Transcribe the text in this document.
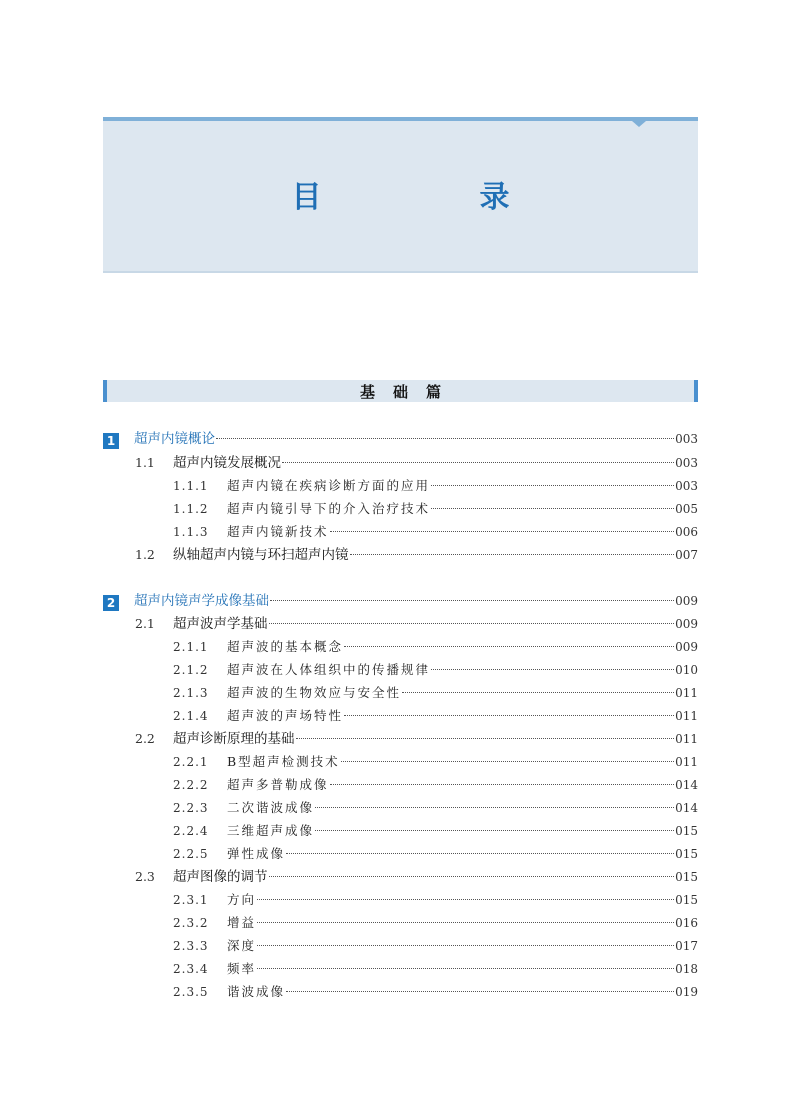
目　录
基础篇
1 超声内镜概论	003
1.1	超声内镜发展概况	003
1.1.1	超声内镜在疾病诊断方面的应用	003
1.1.2	超声内镜引导下的介入治疗技术	005
1.1.3	超声内镜新技术	006
1.2	纵轴超声内镜与环扫超声内镜	007
2 超声内镜声学成像基础	009
2.1	超声波声学基础	009
2.1.1	超声波的基本概念	009
2.1.2	超声波在人体组织中的传播规律	010
2.1.3	超声波的生物效应与安全性	011
2.1.4	超声波的声场特性	011
2.2	超声诊断原理的基础	011
2.2.1	B型超声检测技术	011
2.2.2	超声多普勒成像	014
2.2.3	二次谐波成像	014
2.2.4	三维超声成像	015
2.2.5	弹性成像	015
2.3	超声图像的调节	015
2.3.1	方向	015
2.3.2	增益	016
2.3.3	深度	017
2.3.4	频率	018
2.3.5	谐波成像	019
